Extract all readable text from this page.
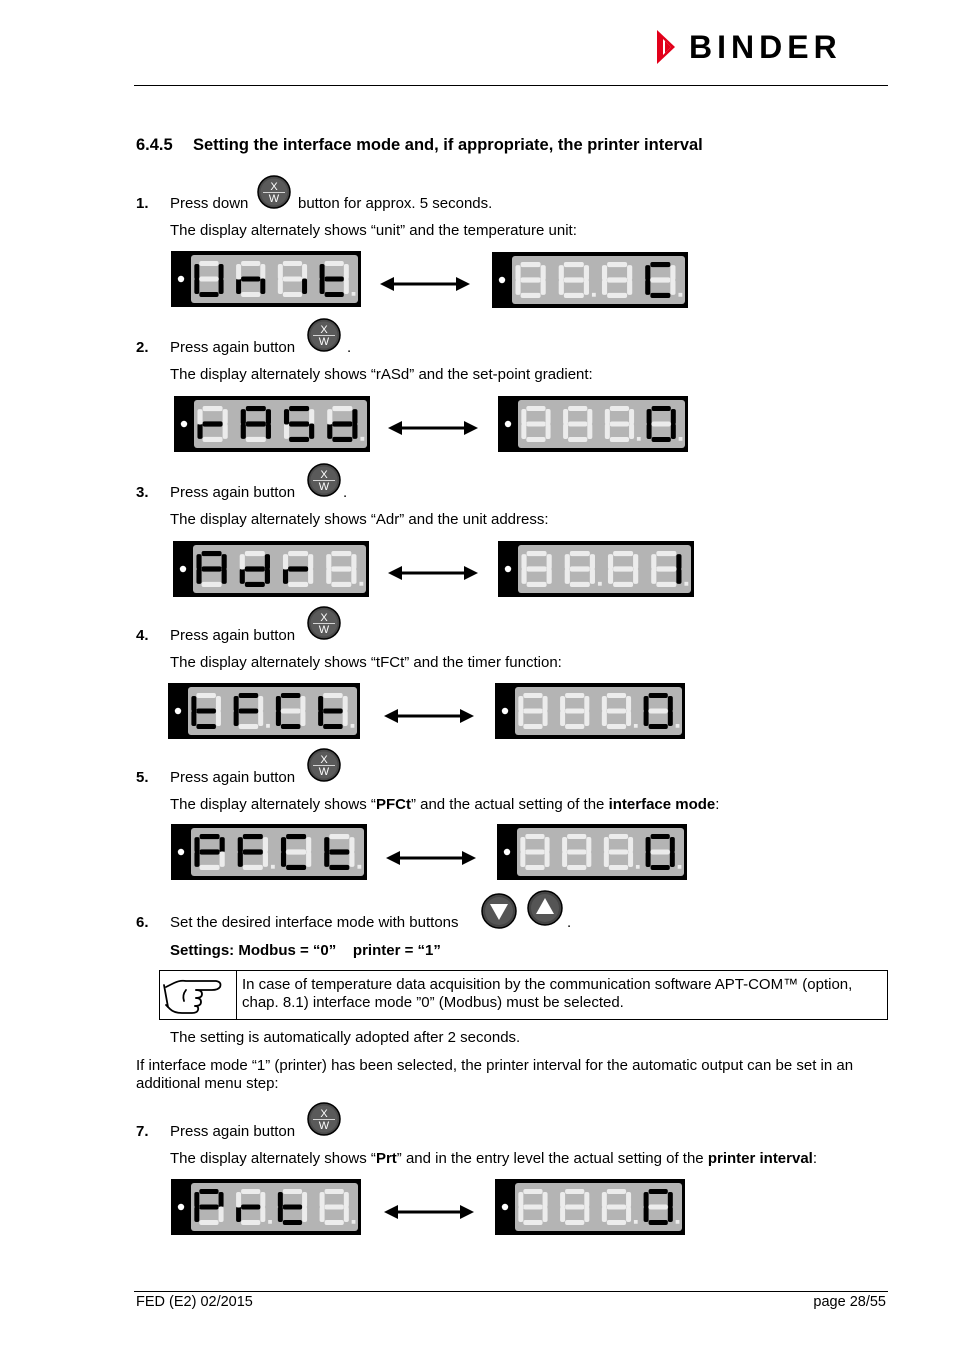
BINDER
6.4.5 Setting the interface mode and, if appropriate, the printer interval
1. Press down
X
W button for approx. 5 seconds.
The display alternately shows “unit” and the temperature unit:
2. Press again button
X
W .
The display alternately shows “rASd” and the set-point gradient:
3. Press again button
X
W .
The display alternately shows “Adr” and the unit address:
4. Press again button
X
W
The display alternately shows “tFCt” and the timer function:
5. Press again button
X
W
The display alternately shows “PFCt” and the actual setting of the interface mode:
6. Set the desired interface mode with buttons	.
Settings: Modbus = “0”    printer = “1”
In case of temperature data acquisition by the communication software APT-COM™ (option, chap. 8.1) interface mode ”0” (Modbus) must be selected.
The setting is automatically adopted after 2 seconds.
If interface mode “1” (printer) has been selected, the printer interval for the automatic output can be set in an additional menu step:
7. Press again button
X
W
The display alternately shows “Prt” and in the entry level the actual setting of the printer interval:
FED (E2) 02/2015	page 28/55
